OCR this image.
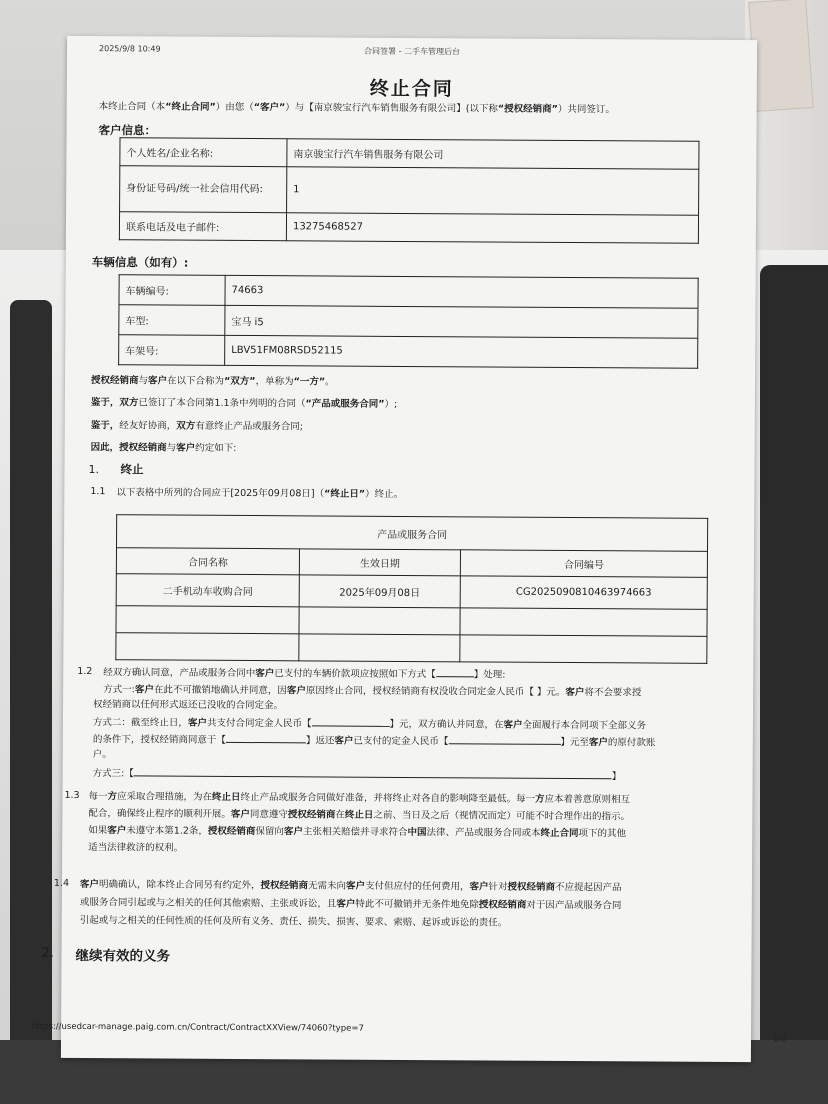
2025/9/8 10:49	合同签署 - 二手车管理后台
终止合同
本终止合同（本“终止合同”）由您（“客户”）与【南京骏宝行汽车销售服务有限公司】(以下称“授权经销商”）共同签订。
客户信息：
个人姓名/企业名称:	南京骏宝行汽车销售服务有限公司
身份证号码/统一社会信用代码:	1
联系电话及电子邮件:	13275468527
车辆信息（如有）:
车辆编号:	74663
车型:	宝马 i5
车架号:	LBV51FM08RSD52115
授权经销商与客户在以下合称为“双方”，单称为“一方”。
鉴于，双方已签订了本合同第1.1条中列明的合同（“产品或服务合同”）;
鉴于，经友好协商，双方有意终止产品或服务合同;
因此，授权经销商与客户约定如下:
1. 终止
1.1 以下表格中所列的合同应于[2025年09月08日]（“终止日”）终止。
产品或服务合同		
合同名称	生效日期	合同编号
二手机动车收购合同	2025年09月08日	CG2025090810463974663

1.2 经双方确认同意，产品或服务合同中客户已支付的车辆价款项应按照如下方式【	】处理:
方式一:客户在此不可撤销地确认并同意，因客户原因终止合同，授权经销商有权没收合同定金人民币【 】元。客户将不会要求授
权经销商以任何形式返还已没收的合同定金。
方式二：截至终止日，客户共支付合同定金人民币【	】元，双方确认并同意，在客户全面履行本合同项下全部义务
的条件下，授权经销商同意于【	】返还客户已支付的定金人民币【	】元至客户的原付款账
户。
方式三:【	】
1.3 每一方应采取合理措施，为在终止日终止产品或服务合同做好准备，并将终止对各自的影响降至最低。每一方应本着善意原则相互
配合，确保终止程序的顺利开展。客户同意遵守授权经销商在终止日之前、当日及之后（视情况而定）可能不时合理作出的指示。
如果客户未遵守本第1.2条，授权经销商保留向客户主张相关赔偿并寻求符合中国法律、产品或服务合同或本终止合同项下的其他
适当法律救济的权利。
1.4 客户明确确认，除本终止合同另有约定外，授权经销商无需未向客户支付但应付的任何费用，客户针对授权经销商不应提起因产品
或服务合同引起或与之相关的任何其他索赔、主张或诉讼，且客户特此不可撤销并无条件地免除授权经销商对于因产品或服务合同
引起或与之相关的任何性质的任何及所有义务、责任、损失、损害、要求、索赔、起诉或诉讼的责任。
2. 继续有效的义务
https://usedcar-manage.paig.com.cn/Contract/ContractXXView/74060?type=7
1/2
